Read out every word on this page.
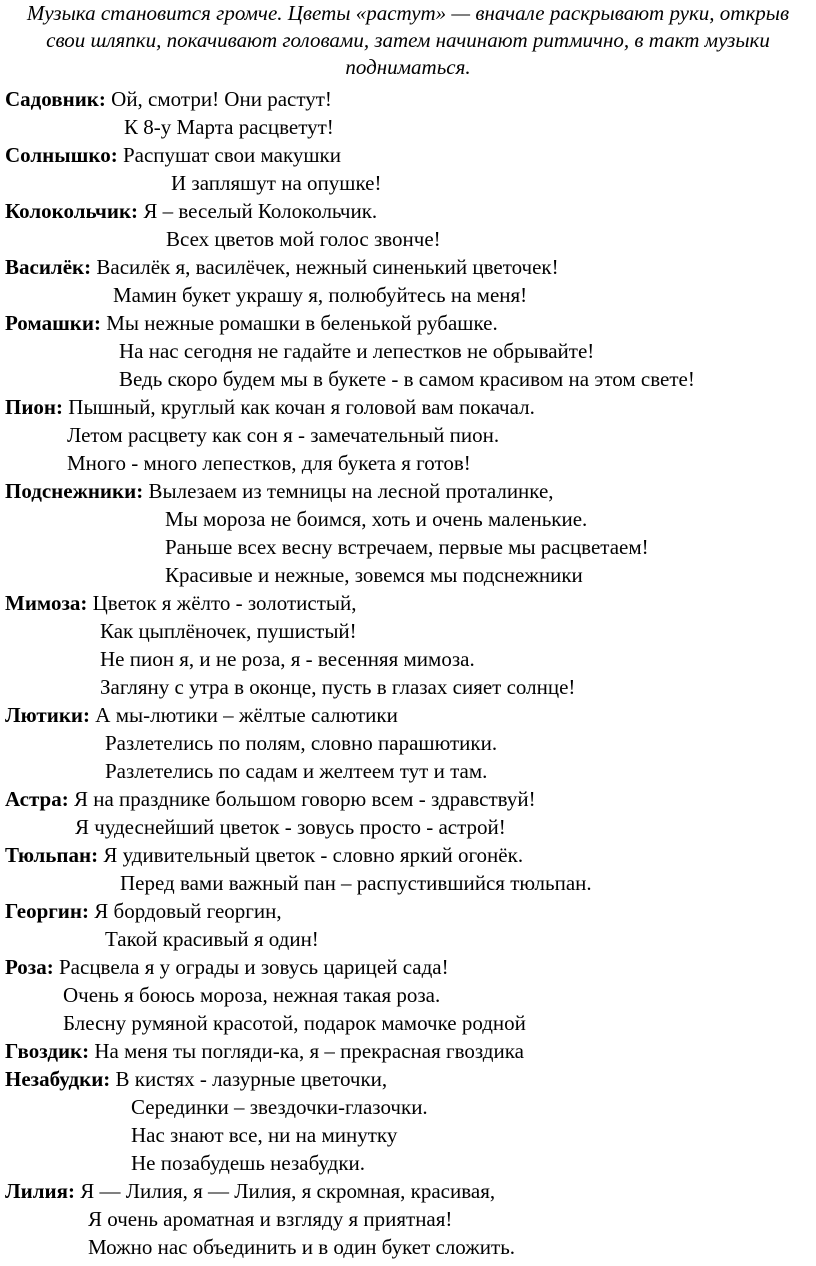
Музыка становится громче. Цветы «растут» — вначале раскрывают руки, открыв свои шляпки, покачивают головами, затем начинают ритмично, в такт музыки подниматься.
Садовник: Ой, смотри! Они растут!
К 8-у Марта расцветут!
Солнышко: Распушат свои макушки
И запляшут на опушке!
Колокольчик: Я – веселый Колокольчик.
Всех цветов мой голос звонче!
Василёк: Василёк я, василёчек, нежный синенький цветочек!
Мамин букет украшу я, полюбуйтесь на меня!
Ромашки: Мы нежные ромашки в беленькой рубашке.
На нас сегодня не гадайте и лепестков не обрывайте!
Ведь скоро будем мы в букете - в самом красивом на этом свете!
Пион: Пышный, круглый как кочан я головой вам покачал.
Летом расцвету как сон я - замечательный пион.
Много - много лепестков, для букета я готов!
Подснежники: Вылезаем из темницы на лесной проталинке,
Мы мороза не боимся, хоть и очень маленькие.
Раньше всех весну встречаем, первые мы расцветаем!
Красивые и нежные, зовемся мы подснежники
Мимоза: Цветок я жёлто - золотистый,
Как цыплёночек, пушистый!
Не пион я, и не роза, я - весенняя мимоза.
Загляну с утра в оконце, пусть в глазах сияет солнце!
Лютики: А мы-лютики – жёлтые салютики
Разлетелись по полям, словно парашютики.
Разлетелись по садам и желтеем тут и там.
Астра: Я на празднике большом говорю всем - здравствуй!
Я чудеснейший цветок - зовусь просто - астрой!
Тюльпан: Я удивительный цветок - словно яркий огонёк.
Перед вами важный пан – распустившийся тюльпан.
Георгин: Я бордовый георгин,
Такой красивый я один!
Роза: Расцвела я у ограды и зовусь царицей сада!
Очень я боюсь мороза, нежная такая роза.
Блесну румяной красотой, подарок мамочке родной
Гвоздик: На меня ты погляди-ка, я – прекрасная гвоздика
Незабудки: В кистях - лазурные цветочки,
Серединки – звездочки-глазочки.
Нас знают все, ни на минутку
Не позабудешь незабудки.
Лилия: Я — Лилия, я — Лилия, я скромная, красивая,
Я очень ароматная и взгляду я приятная!
Можно нас объединить и в один букет сложить.
